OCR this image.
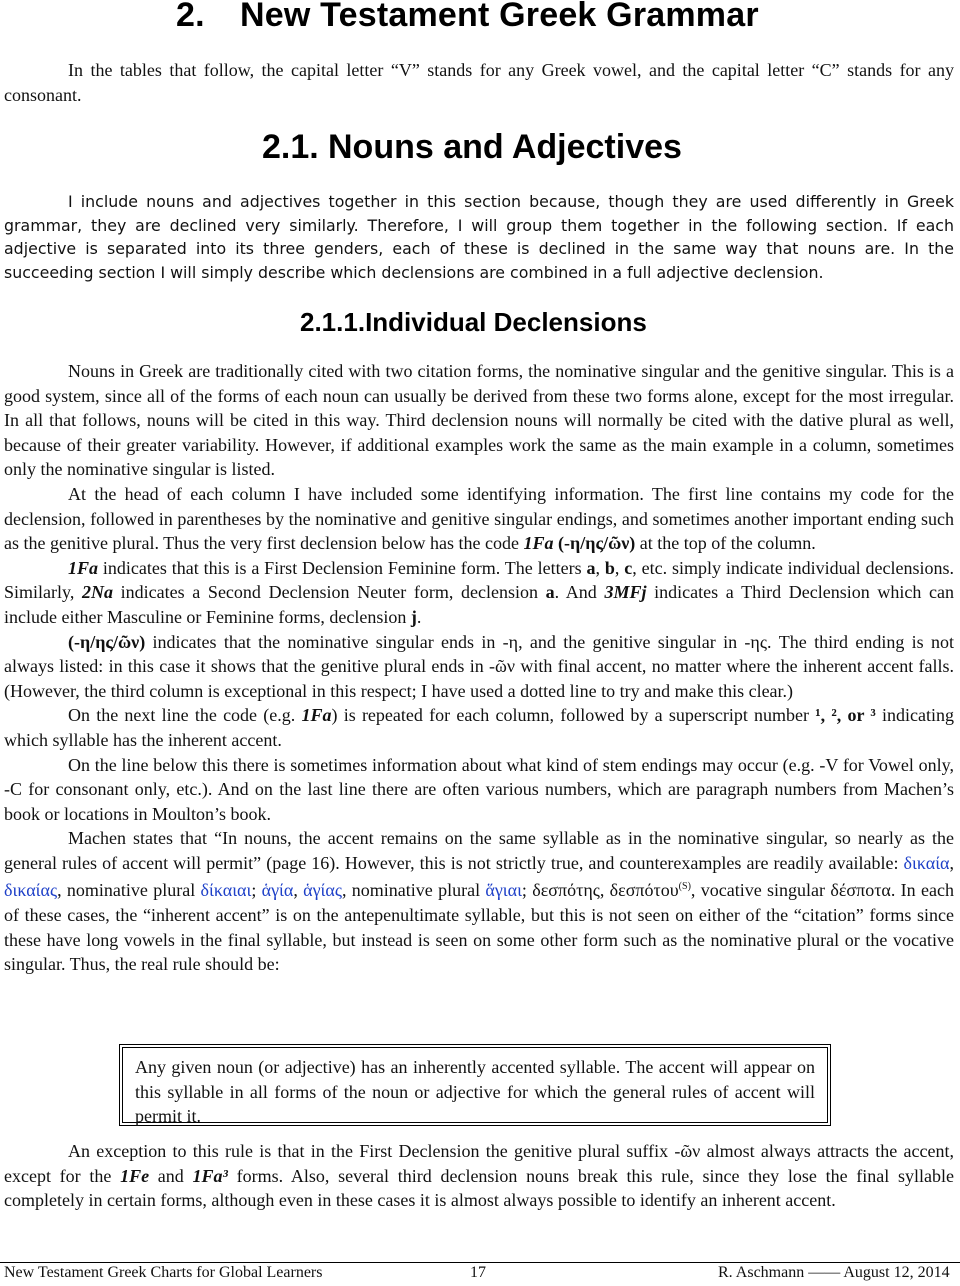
2. New Testament Greek Grammar

In the tables that follow, the capital letter “V” stands for any Greek vowel, and the capital letter “C” stands for any consonant.

2.1. Nouns and Adjectives

I include nouns and adjectives together in this section because, though they are used differently in Greek grammar, they are declined very similarly. Therefore, I will group them together in the following section. If each adjective is separated into its three genders, each of these is declined in the same way that nouns are. In the succeeding section I will simply describe which declensions are combined in a full adjective declension.

2.1.1.Individual Declensions
Nouns in Greek are traditionally cited with two citation forms, the nominative singular and the genitive singular. This is a good system, since all of the forms of each noun can usually be derived from these two forms alone, except for the most irregular. In all that follows, nouns will be cited in this way. Third declension nouns will normally be cited with the dative plural as well, because of their greater variability. However, if additional examples work the same as the main example in a column, sometimes only the nominative singular is listed.
At the head of each column I have included some identifying information. The first line contains my code for the declension, followed in parentheses by the nominative and genitive singular endings, and sometimes another important ending such as the genitive plural. Thus the very first declension below has the code 1Fa (-η/ης/ῶν) at the top of the column.
1Fa indicates that this is a First Declension Feminine form. The letters a, b, c, etc. simply indicate individual declensions. Similarly, 2Na indicates a Second Declension Neuter form, declension a. And 3MFj indicates a Third Declension which can include either Masculine or Feminine forms, declension j.
(-η/ης/ῶν) indicates that the nominative singular ends in -η, and the genitive singular in -ης. The third ending is not always listed: in this case it shows that the genitive plural ends in -ῶν with final accent, no matter where the inherent accent falls. (However, the third column is exceptional in this respect; I have used a dotted line to try and make this clear.)
On the next line the code (e.g. 1Fa) is repeated for each column, followed by a superscript number ¹, ², or ³ indicating which syllable has the inherent accent.
On the line below this there is sometimes information about what kind of stem endings may occur (e.g. -V for Vowel only, -C for consonant only, etc.). And on the last line there are often various numbers, which are paragraph numbers from Machen’s book or locations in Moulton’s book.
Machen states that “In nouns, the accent remains on the same syllable as in the nominative singular, so nearly as the general rules of accent will permit” (page 16). However, this is not strictly true, and counterexamples are readily available: δικαία, δικαίας, nominative plural δίκαιαι; ἁγία, ἁγίας, nominative plural ἅγιαι; δεσπότης, δεσπότου$^{(S)}$, vocative singular δέσποτα. In each of these cases, the “inherent accent” is on the antepenultimate syllable, but this is not seen on either of the “citation” forms since these have long vowels in the final syllable, but instead is seen on some other form such as the nominative plural or the vocative singular. Thus, the real rule should be:
Any given noun (or adjective) has an inherently accented syllable. The accent will appear on this syllable in all forms of the noun or adjective for which the general rules of accent will permit it.
An exception to this rule is that in the First Declension the genitive plural suffix -ῶν almost always attracts the accent, except for the 1Fe and 1Fa³ forms. Also, several third declension nouns break this rule, since they lose the final syllable completely in certain forms, although even in these cases it is almost always possible to identify an inherent accent.
New Testament Greek Charts for Global Learners	17	R. Aschmann —— August 12, 2014
